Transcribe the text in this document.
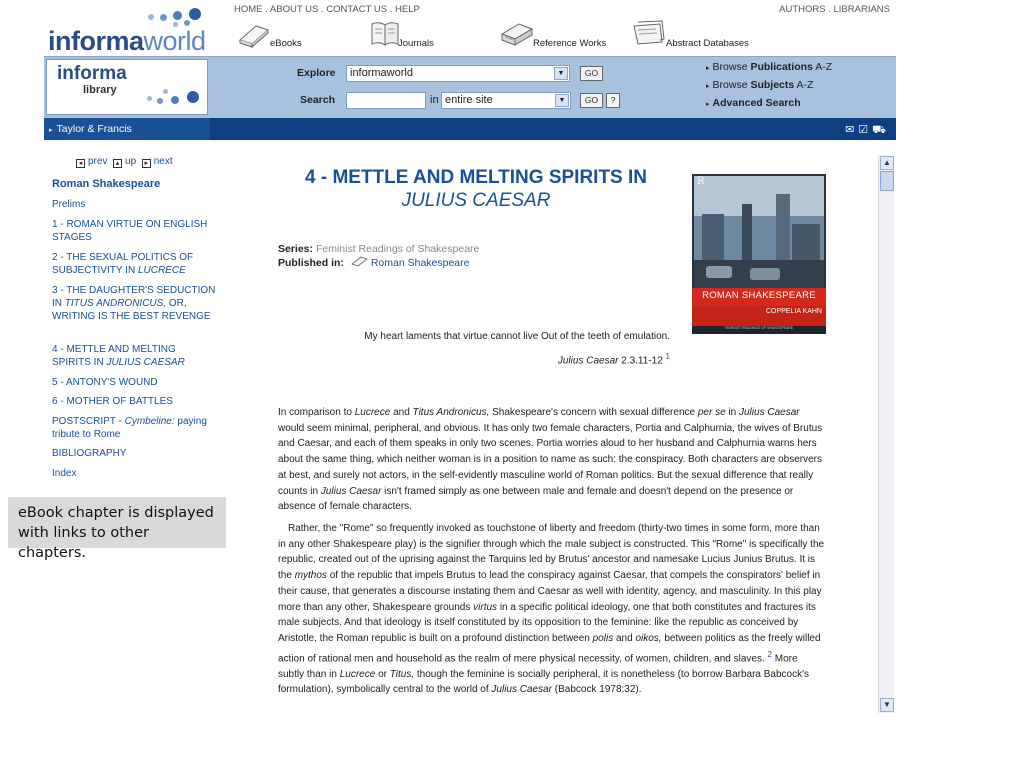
informaworld
HOME . ABOUT US . CONTACT US . HELP	AUTHORS . LIBRARIANS
eBooks	Journals	Reference Works	Abstract Databases
informa
library
Explore	informaworld	▼	GO
Search	in entire site	▼	GO	?
▸ Browse Publications A-Z
▸ Browse Subjects A-Z
▸ Advanced Search
▸ Taylor & Francis	✉☑⛟
◂ prev ▴ up ▸ next
Roman Shakespeare
Prelims
1 - ROMAN VIRTUE ON ENGLISH STAGES
2 - THE SEXUAL POLITICS OF SUBJECTIVITY IN LUCRECE
3 - THE DAUGHTER'S SEDUCTION IN TITUS ANDRONICUS, OR, WRITING IS THE BEST REVENGE
4 - METTLE AND MELTING SPIRITS IN JULIUS CAESAR
5 - ANTONY'S WOUND
6 - MOTHER OF BATTLES
POSTSCRIPT - Cymbeline: paying tribute to Rome
BIBLIOGRAPHY
Index
4 - METTLE AND MELTING SPIRITS IN
JULIUS CAESAR
Series: Feminist Readings of Shakespeare
Published in:	Roman Shakespeare
R
ROMAN SHAKESPEARE
COPPELIA KAHN
FEMINIST READINGS OF SHAKESPEARE
My heart laments that virtue cannot live Out of the teeth of emulation.
Julius Caesar 2.3.11-12 $^1$

In comparison to Lucrece and Titus Andronicus, Shakespeare's concern with sexual difference per se in Julius Caesar would seem minimal, peripheral, and obvious. It has only two female characters, Portia and Calphurnia, the wives of Brutus and Caesar, and each of them speaks in only two scenes. Portia worries aloud to her husband and Calphurnia warns hers about the same thing, which neither woman is in a position to name as such: the conspiracy. Both characters are observers at best, and surely not actors, in the self-evidently masculine world of Roman politics. But the sexual difference that really counts in Julius Caesar isn't framed simply as one between male and female and doesn't depend on the presence or absence of female characters.

Rather, the "Rome" so frequently invoked as touchstone of liberty and freedom (thirty-two times in some form, more than in any other Shakespeare play) is the signifier through which the male subject is constructed. This "Rome" is specifically the republic, created out of the uprising against the Tarquins led by Brutus' ancestor and namesake Lucius Junius Brutus. It is the mythos of the republic that impels Brutus to lead the conspiracy against Caesar, that compels the conspirators' belief in their cause, that generates a discourse instating them and Caesar as well with identity, agency, and masculinity. In this play more than any other, Shakespeare grounds virtus in a specific political ideology, one that both constitutes and fractures its male subjects. And that ideology is itself constituted by its opposition to the feminine: like the republic as conceived by Aristotle, the Roman republic is built on a profound distinction between polis and oikos, between politics as the freely willed action of rational men and household as the realm of mere physical necessity, of women, children, and slaves. $^2$ More subtly than in Lucrece or Titus, though the feminine is socially peripheral, it is nonetheless (to borrow Barbara Babcock's formulation), symbolically central to the world of Julius Caesar (Babcock 1978:32).

eBook chapter is displayed with links to other chapters.
▲
▼
